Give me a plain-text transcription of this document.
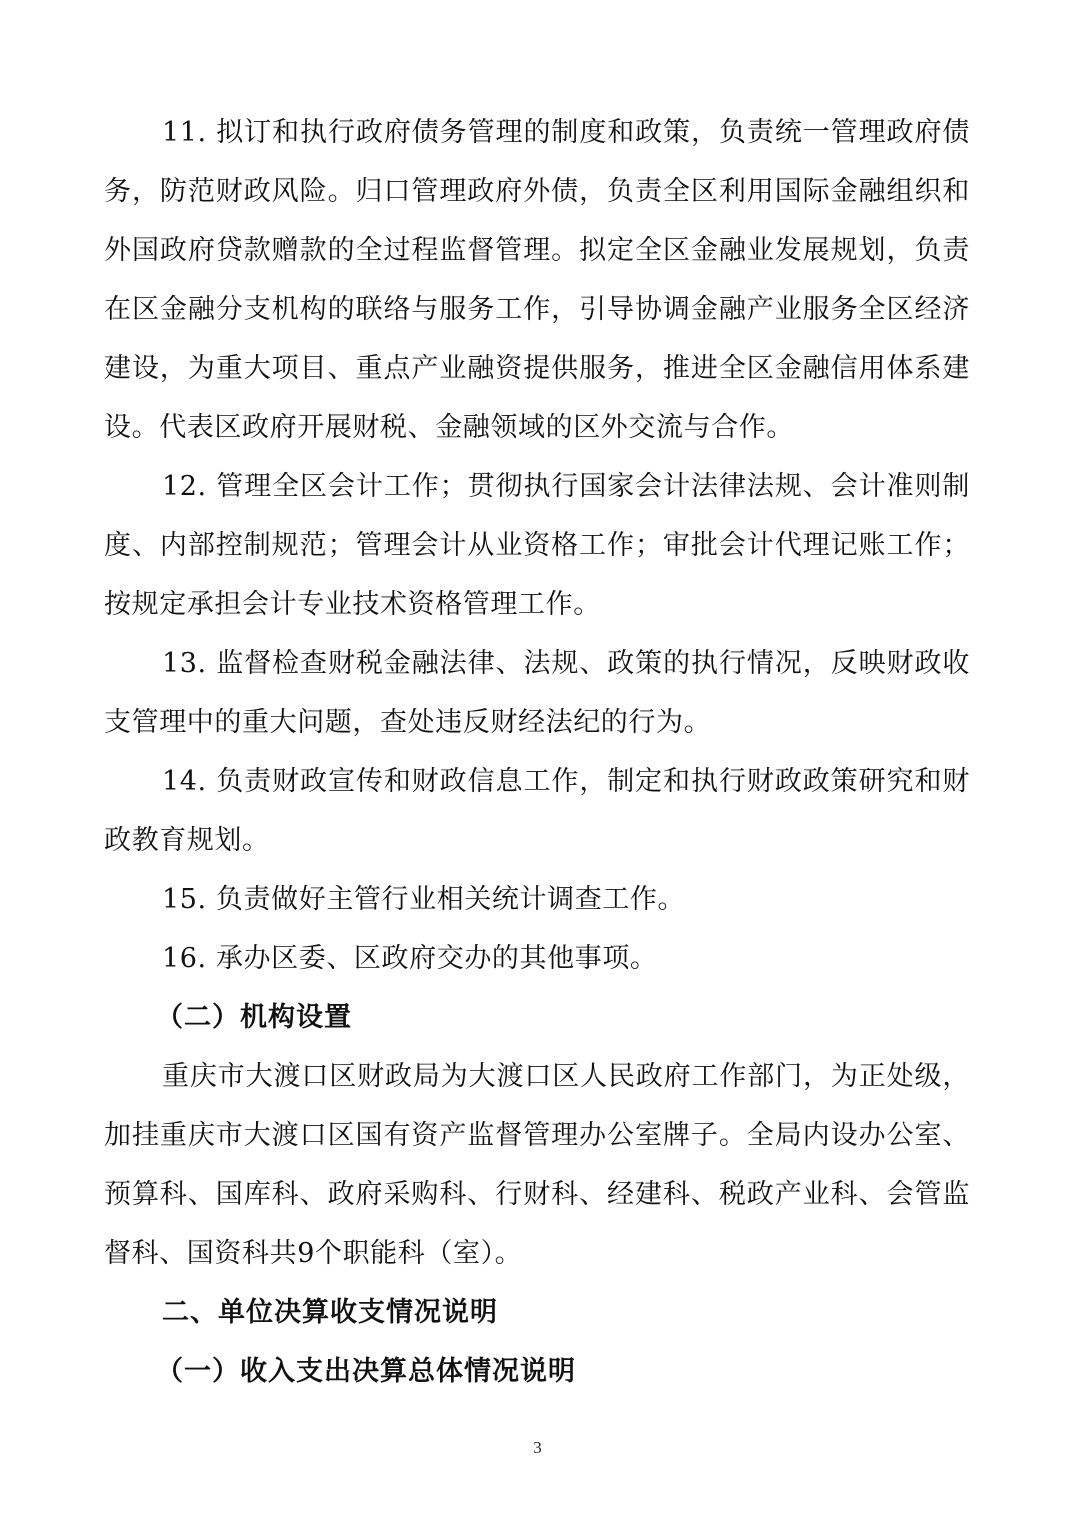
11. 拟订和执行政府债务管理的制度和政策，负责统一管理政府债务，防范财政风险。归口管理政府外债，负责全区利用国际金融组织和外国政府贷款赠款的全过程监督管理。拟定全区金融业发展规划，负责在区金融分支机构的联络与服务工作，引导协调金融产业服务全区经济建设，为重大项目、重点产业融资提供服务，推进全区金融信用体系建设。代表区政府开展财税、金融领域的区外交流与合作。

12. 管理全区会计工作；贯彻执行国家会计法律法规、会计准则制度、内部控制规范；管理会计从业资格工作；审批会计代理记账工作；按规定承担会计专业技术资格管理工作。

13. 监督检查财税金融法律、法规、政策的执行情况，反映财政收支管理中的重大问题，查处违反财经法纪的行为。

14. 负责财政宣传和财政信息工作，制定和执行财政政策研究和财政教育规划。

15. 负责做好主管行业相关统计调查工作。

16. 承办区委、区政府交办的其他事项。

（二）机构设置

重庆市大渡口区财政局为大渡口区人民政府工作部门，为正处级，加挂重庆市大渡口区国有资产监督管理办公室牌子。全局内设办公室、预算科、国库科、政府采购科、行财科、经建科、税政产业科、会管监督科、国资科共9个职能科（室）。

二、单位决算收支情况说明

（一）收入支出决算总体情况说明

3
